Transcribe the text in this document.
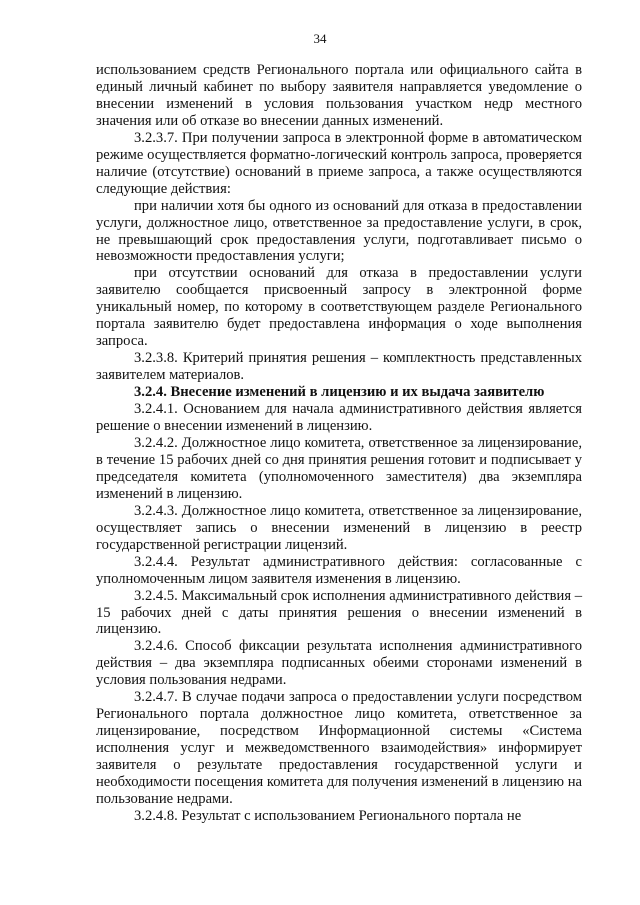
34

использованием средств Регионального портала или официального сайта в единый личный кабинет по выбору заявителя направляется уведомление о внесении изменений в условия пользования участком недр местного значения или об отказе во внесении данных изменений.

3.2.3.7. При получении запроса в электронной форме в автоматическом режиме осуществляется форматно-логический контроль запроса, проверяется наличие (отсутствие) оснований в приеме запроса, а также осуществляются следующие действия:

при наличии хотя бы одного из оснований для отказа в предоставлении услуги, должностное лицо, ответственное за предоставление услуги, в срок, не превышающий срок предоставления услуги, подготавливает письмо о невозможности предоставления услуги;

при отсутствии оснований для отказа в предоставлении услуги заявителю сообщается присвоенный запросу в электронной форме уникальный номер, по которому в соответствующем разделе Регионального портала заявителю будет предоставлена информация о ходе выполнения запроса.

3.2.3.8. Критерий принятия решения – комплектность представленных заявителем материалов.

3.2.4. Внесение изменений в лицензию и их выдача заявителю

3.2.4.1. Основанием для начала административного действия является решение о внесении изменений в лицензию.

3.2.4.2. Должностное лицо комитета, ответственное за лицензирование, в течение 15 рабочих дней со дня принятия решения готовит и подписывает у председателя комитета (уполномоченного заместителя) два экземпляра изменений в лицензию.

3.2.4.3. Должностное лицо комитета, ответственное за лицензирование, осуществляет запись о внесении изменений в лицензию в реестр государственной регистрации лицензий.

3.2.4.4. Результат административного действия: согласованные с уполномоченным лицом заявителя изменения в лицензию.

3.2.4.5. Максимальный срок исполнения административного действия – 15 рабочих дней с даты принятия решения о внесении изменений в лицензию.

3.2.4.6. Способ фиксации результата исполнения административного действия – два экземпляра подписанных обеими сторонами изменений в условия пользования недрами.

3.2.4.7. В случае подачи запроса о предоставлении услуги посредством Регионального портала должностное лицо комитета, ответственное за лицензирование, посредством Информационной системы «Система исполнения услуг и межведомственного взаимодействия» информирует заявителя о результате предоставления государственной услуги и необходимости посещения комитета для получения изменений в лицензию на пользование недрами.

3.2.4.8. Результат с использованием Регионального портала не
